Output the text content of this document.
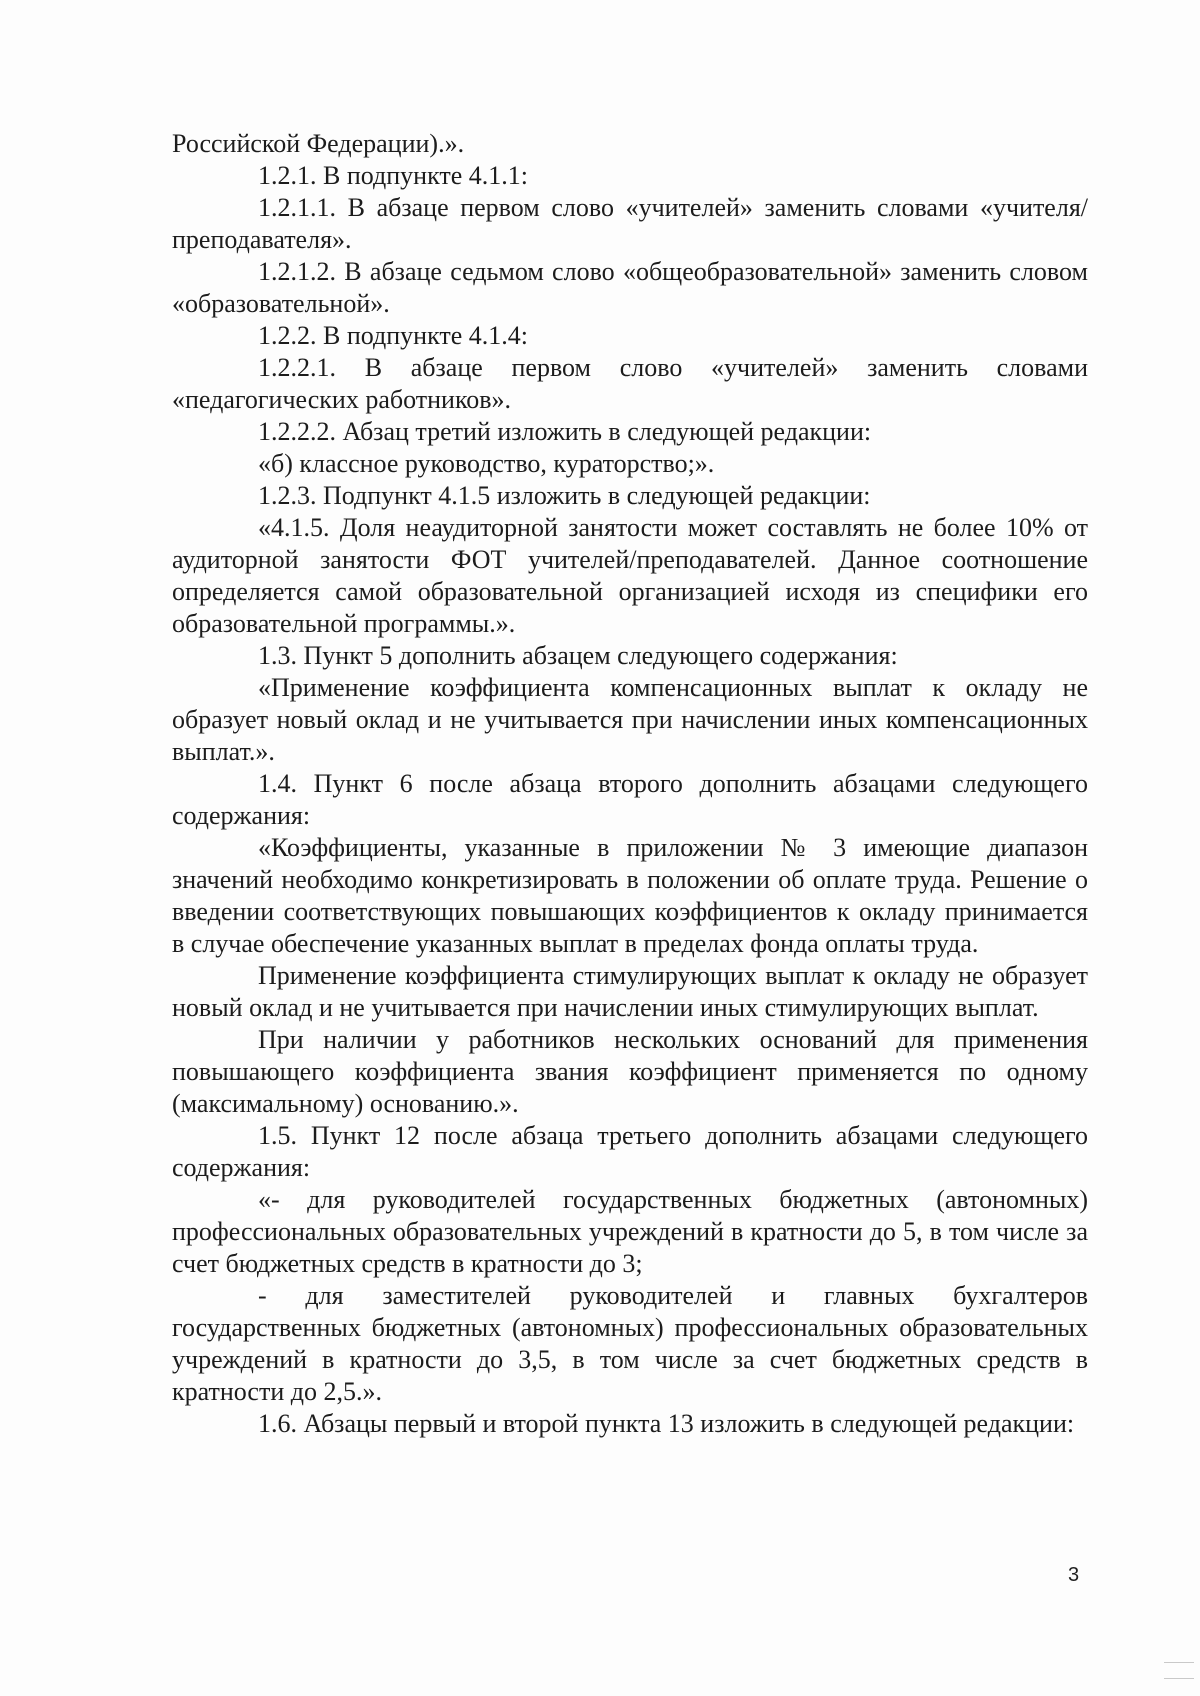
Российской Федерации).».

1.2.1. В подпункте 4.1.1:

1.2.1.1. В абзаце первом слово «учителей» заменить словами «учителя/преподавателя».

1.2.1.2. В абзаце седьмом слово «общеобразовательной» заменить словом «образовательной».

1.2.2. В подпункте 4.1.4:

1.2.2.1. В абзаце первом слово «учителей» заменить словами «педагогических работников».

1.2.2.2. Абзац третий изложить в следующей редакции:

«б) классное руководство, кураторство;».

1.2.3. Подпункт 4.1.5 изложить в следующей редакции:

«4.1.5. Доля неаудиторной занятости может составлять не более 10% от аудиторной занятости ФОТ учителей/преподавателей. Данное соотношение определяется самой образовательной организацией исходя из специфики его образовательной программы.».

1.3. Пункт 5 дополнить абзацем следующего содержания:

«Применение коэффициента компенсационных выплат к окладу не образует новый оклад и не учитывается при начислении иных компенсационных выплат.».

1.4. Пункт 6 после абзаца второго дополнить абзацами следующего содержания:

«Коэффициенты, указанные в приложении № 3 имеющие диапазон значений необходимо конкретизировать в положении об оплате труда. Решение о введении соответствующих повышающих коэффициентов к окладу принимается в случае обеспечение указанных выплат в пределах фонда оплаты труда.

Применение коэффициента стимулирующих выплат к окладу не образует новый оклад и не учитывается при начислении иных стимулирующих выплат.

При наличии у работников нескольких оснований для применения повышающего коэффициента звания коэффициент применяется по одному (максимальному) основанию.».

1.5. Пункт 12 после абзаца третьего дополнить абзацами следующего содержания:

«- для руководителей государственных бюджетных (автономных) профессиональных образовательных учреждений в кратности до 5, в том числе за счет бюджетных средств в кратности до 3;

- для заместителей руководителей и главных бухгалтеров государственных бюджетных (автономных) профессиональных образовательных учреждений в кратности до 3,5, в том числе за счет бюджетных средств в кратности до 2,5.».

1.6. Абзацы первый и второй пункта 13 изложить в следующей редакции:

3
